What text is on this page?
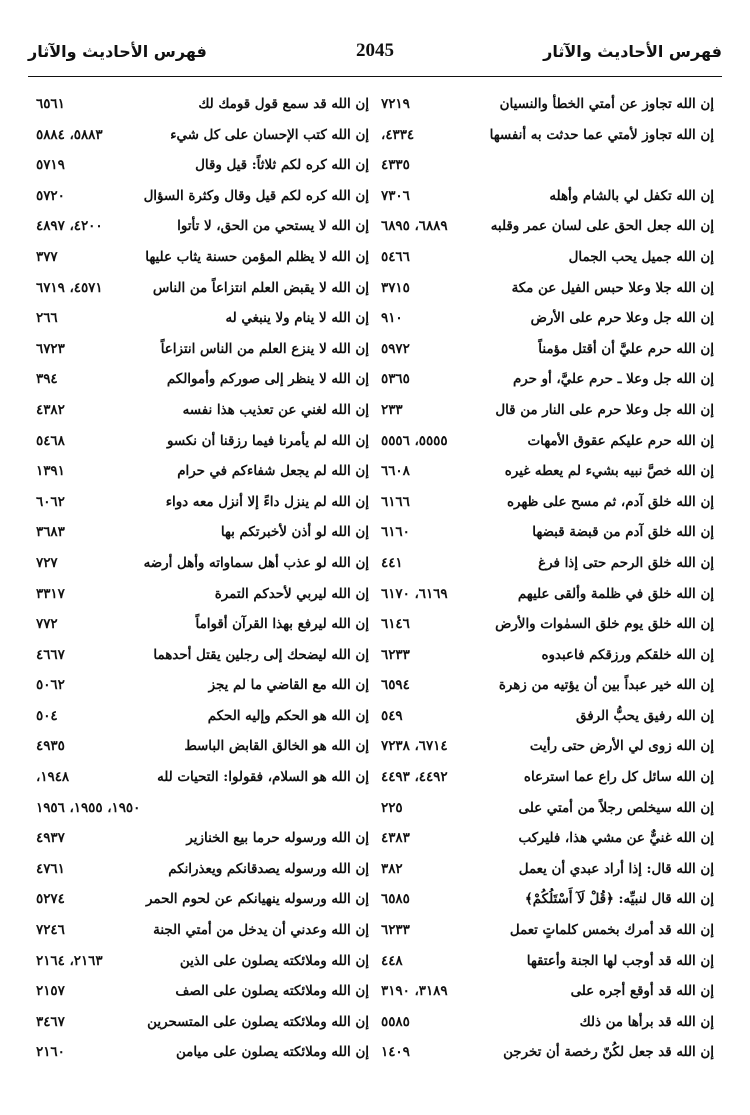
فهرس الأحاديث والآثار
2045
فهرس الأحاديث والآثار
إن الله تجاوز عن أمتي الخطأ والنسيان
٧٢١٩
إن الله تجاوز لأمتي عما حدثت به أنفسها
٤٣٣٤،
٤٣٣٥
إن الله تكفل لي بالشام وأهله
٧٣٠٦
إن الله جعل الحق على لسان عمر وقلبه
٦٨٨٩، ٦٨٩٥
إن الله جميل يحب الجمال
٥٤٦٦
إن الله جلا وعلا حبس الفيل عن مكة
٣٧١٥
إن الله جل وعلا حرم على الأرض
٩١٠
إن الله حرم عليَّ أن أقتل مؤمناً
٥٩٧٢
إن الله جل وعلا ـ حرم عليَّ، أو حرم
٥٣٦٥
إن الله جل وعلا حرم على النار من قال
٢٣٣
إن الله حرم عليكم عقوق الأمهات
٥٥٥٥، ٥٥٥٦
إن الله خصَّ نبيه بشيء لم يعطه غيره
٦٦٠٨
إن الله خلق آدم، ثم مسح على ظهره
٦١٦٦
إن الله خلق آدم من قبضة قبضها
٦١٦٠
إن الله خلق الرحم حتى إذا فرغ
٤٤١
إن الله خلق في ظلمة وألقى عليهم
٦١٦٩، ٦١٧٠
إن الله خلق يوم خلق السمٰوات والأرض
٦١٤٦
إن الله خلقكم ورزقكم فاعبدوه
٦٢٣٣
إن الله خير عبداً بين أن يؤتيه من زهرة
٦٥٩٤
إن الله رفيق يحبُّ الرفق
٥٤٩
إن الله زوى لي الأرض حتى رأيت
٦٧١٤، ٧٢٣٨
إن الله سائل كل راع عما استرعاه
٤٤٩٢، ٤٤٩٣
إن الله سيخلص رجلاً من أمتي على
٢٢٥
إن الله غنيٌّ عن مشي هذا، فليركب
٤٣٨٣
إن الله قال: إذا أراد عبدي أن يعمل
٣٨٢
إن الله قال لنبيِّه: ﴿قُلْ لَآ أَسْتَلُكُمْ﴾
٦٥٨٥
إن الله قد أمرك بخمس كلماتٍ تعمل
٦٢٣٣
إن الله قد أوجب لها الجنة وأعتقها
٤٤٨
إن الله قد أوقع أجره على
٣١٨٩، ٣١٩٠
إن الله قد برأها من ذلك
٥٥٨٥
إن الله قد جعل لكُنّ رخصة أن تخرجن
١٤٠٩
إن الله قد سمع قول قومك لك
٦٥٦١
إن الله كتب الإحسان على كل شيء
٥٨٨٣، ٥٨٨٤
إن الله كره لكم ثلاثاً: قيل وقال
٥٧١٩
إن الله كره لكم قيل وقال وكثرة السؤال
٥٧٢٠
إن الله لا يستحي من الحق، لا تأتوا
٤٢٠٠، ٤٨٩٧
إن الله لا يظلم المؤمن حسنة يثاب عليها
٣٧٧
إن الله لا يقبض العلم انتزاعاً من الناس
٤٥٧١، ٦٧١٩
إن الله لا ينام ولا ينبغي له
٢٦٦
إن الله لا ينزع العلم من الناس انتزاعاً
٦٧٢٣
إن الله لا ينظر إلى صوركم وأموالكم
٣٩٤
إن الله لغني عن تعذيب هذا نفسه
٤٣٨٢
إن الله لم يأمرنا فيما رزقنا أن نكسو
٥٤٦٨
إن الله لم يجعل شفاءكم في حرام
١٣٩١
إن الله لم ينزل داءً إلا أنزل معه دواء
٦٠٦٢
إن الله لو أذن لأخبرتكم بها
٣٦٨٣
إن الله لو عذب أهل سماواته وأهل أرضه
٧٢٧
إن الله ليربي لأحدكم التمرة
٣٣١٧
إن الله ليرفع بهذا القرآن أقواماً
٧٧٢
إن الله ليضحك إلى رجلين يقتل أحدهما
٤٦٦٧
إن الله مع القاضي ما لم يجز
٥٠٦٢
إن الله هو الحكم وإليه الحكم
٥٠٤
إن الله هو الخالق القابض الباسط
٤٩٣٥
إن الله هو السلام، فقولوا: التحيات لله
١٩٤٨،
١٩٥٠، ١٩٥٥، ١٩٥٦
إن الله ورسوله حرما بيع الخنازير
٤٩٣٧
إن الله ورسوله يصدقانكم ويعذرانكم
٤٧٦١
إن الله ورسوله ينهيانكم عن لحوم الحمر
٥٢٧٤
إن الله وعدني أن يدخل من أمتي الجنة
٧٢٤٦
إن الله وملائكته يصلون على الذين
٢١٦٣، ٢١٦٤
إن الله وملائكته يصلون على الصف
٢١٥٧
إن الله وملائكته يصلون على المتسحرين
٣٤٦٧
إن الله وملائكته يصلون على ميامن
٢١٦٠
